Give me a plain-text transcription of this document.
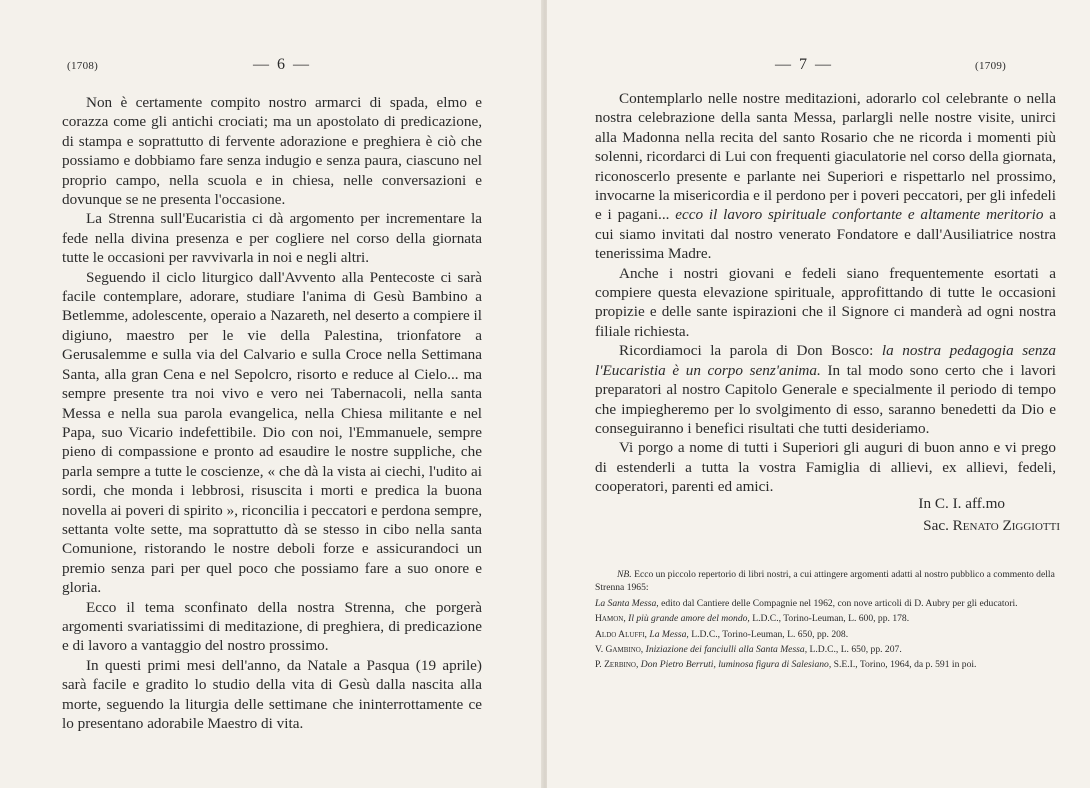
(1708)	— 6 —

Non è certamente compito nostro armarci di spada, elmo e corazza come gli antichi crociati; ma un apostolato di predicazione, di stampa e soprattutto di fervente adorazione e preghiera è ciò che possiamo e dobbiamo fare senza indugio e senza paura, ciascuno nel proprio campo, nella scuola e in chiesa, nelle conversazioni e dovunque se ne presenta l'occasione.

La Strenna sull'Eucaristia ci dà argomento per incrementare la fede nella divina presenza e per cogliere nel corso della giornata tutte le occasioni per ravvivarla in noi e negli altri.

Seguendo il ciclo liturgico dall'Avvento alla Pentecoste ci sarà facile contemplare, adorare, studiare l'anima di Gesù Bambino a Betlemme, adolescente, operaio a Nazareth, nel deserto a compiere il digiuno, maestro per le vie della Palestina, trionfatore a Gerusalemme e sulla via del Calvario e sulla Croce nella Settimana Santa, alla gran Cena e nel Sepolcro, risorto e reduce al Cielo... ma sempre presente tra noi vivo e vero nei Tabernacoli, nella santa Messa e nella sua parola evangelica, nella Chiesa militante e nel Papa, suo Vicario indefettibile. Dio con noi, l'Emmanuele, sempre pieno di compassione e pronto ad esaudire le nostre suppliche, che parla sempre a tutte le coscienze, « che dà la vista ai ciechi, l'udito ai sordi, che monda i lebbrosi, risuscita i morti e predica la buona novella ai poveri di spirito », riconcilia i peccatori e perdona sempre, settanta volte sette, ma soprattutto dà se stesso in cibo nella santa Comunione, ristorando le nostre deboli forze e assicurandoci un premio senza pari per quel poco che possiamo fare a suo onore e gloria.

Ecco il tema sconfinato della nostra Strenna, che porgerà argomenti svariatissimi di meditazione, di preghiera, di predicazione e di lavoro a vantaggio del nostro prossimo.

In questi primi mesi dell'anno, da Natale a Pasqua (19 aprile) sarà facile e gradito lo studio della vita di Gesù dalla nascita alla morte, seguendo la liturgia delle settimane che ininterrottamente ce lo presentano adorabile Maestro di vita.

— 7 —	(1709)

Contemplarlo nelle nostre meditazioni, adorarlo col celebrante o nella nostra celebrazione della santa Messa, parlargli nelle nostre visite, unirci alla Madonna nella recita del santo Rosario che ne ricorda i momenti più solenni, ricordarci di Lui con frequenti giaculatorie nel corso della giornata, riconoscerlo presente e parlante nei Superiori e rispettarlo nel prossimo, invocarne la misericordia e il perdono per i poveri peccatori, per gli infedeli e i pagani... ecco il lavoro spirituale confortante e altamente meritorio a cui siamo invitati dal nostro venerato Fondatore e dall'Ausiliatrice nostra tenerissima Madre.

Anche i nostri giovani e fedeli siano frequentemente esortati a compiere questa elevazione spirituale, approfittando di tutte le occasioni propizie e delle sante ispirazioni che il Signore ci manderà ad ogni nostra filiale richiesta.

Ricordiamoci la parola di Don Bosco: la nostra pedagogia senza l'Eucaristia è un corpo senz'anima. In tal modo sono certo che i lavori preparatori al nostro Capitolo Generale e specialmente il periodo di tempo che impiegheremo per lo svolgimento di esso, saranno benedetti da Dio e conseguiranno i benefici risultati che tutti desideriamo.

Vi porgo a nome di tutti i Superiori gli auguri di buon anno e vi prego di estenderli a tutta la vostra Famiglia di allievi, ex allievi, fedeli, cooperatori, parenti ed amici.

In C. I. aff.mo
Sac. Renato Ziggiotti

NB. Ecco un piccolo repertorio di libri nostri, a cui attingere argomenti adatti al nostro pubblico a commento della Strenna 1965:

La Santa Messa, edito dal Cantiere delle Compagnie nel 1962, con nove articoli di D. Aubry per gli educatori.

Hamon, Il più grande amore del mondo, L.D.C., Torino-Leuman, L. 600, pp. 178.

Aldo Aluffi, La Messa, L.D.C., Torino-Leuman, L. 650, pp. 208.

V. Gambino, Iniziazione dei fanciulli alla Santa Messa, L.D.C., L. 650, pp. 207.

P. Zerbino, Don Pietro Berruti, luminosa figura di Salesiano, S.E.I., Torino, 1964, da p. 591 in poi.
